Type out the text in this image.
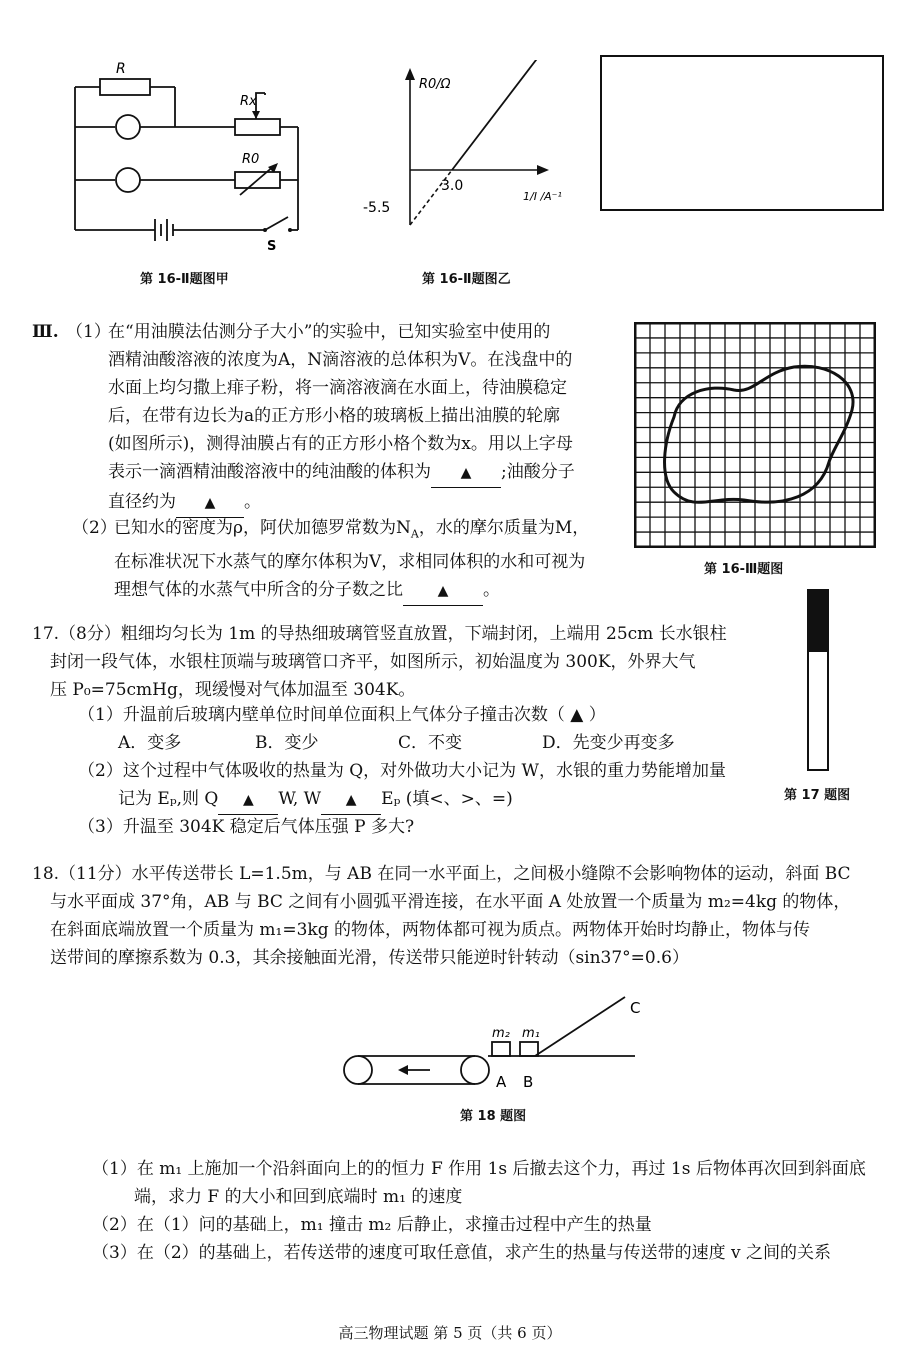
R
Rx
R0
S
第 16-Ⅱ题图甲
R0/Ω
1/I /A⁻¹
-5.5
3.0
第 16-Ⅱ题图乙
Ⅲ. （1）
在“用油膜法估测分子大小”的实验中，已知实验室中使用的
酒精油酸溶液的浓度为A，N滴溶液的总体积为V。在浅盘中的
水面上均匀撒上痱子粉，将一滴溶液滴在水面上，待油膜稳定
后，在带有边长为a的正方形小格的玻璃板上描出油膜的轮廓
(如图所示)，测得油膜占有的正方形小格个数为x。用以上字母
表示一滴酒精油酸溶液中的纯油酸的体积为 ▲ ;油酸分子
直径约为 ▲ 。
（2）
已知水的密度为ρ，阿伏加德罗常数为$N_A$，水的摩尔质量为M，
在标准状况下水蒸气的摩尔体积为V，求相同体积的水和可视为
理想气体的水蒸气中所含的分子数之比 ▲ 。
第 16-Ⅲ题图
17.（8分）粗细均匀长为 1m 的导热细玻璃管竖直放置，下端封闭，上端用 25cm 长水银柱
封闭一段气体，水银柱顶端与玻璃管口齐平，如图所示，初始温度为 300K，外界大气
压 P₀=75cmHg，现缓慢对气体加温至 304K。
（1）升温前后玻璃内壁单位时间单位面积上气体分子撞击次数（ ▲ ）
A．变多	B．变少	C．不变	D．先变少再变多
（2）这个过程中气体吸收的热量为 Q，对外做功大小记为 W，水银的重力势能增加量
记为 Eₚ,则 Q ▲ W, W ▲ Eₚ (填<、>、=)
（3）升温至 304K 稳定后气体压强 P 多大?
第 17 题图
18.（11分）水平传送带长 L=1.5m，与 AB 在同一水平面上，之间极小缝隙不会影响物体的运动，斜面 BC
与水平面成 37°角，AB 与 BC 之间有小圆弧平滑连接，在水平面 A 处放置一个质量为 m₂=4kg 的物体，
在斜面底端放置一个质量为 m₁=3kg 的物体，两物体都可视为质点。两物体开始时均静止，物体与传
送带间的摩擦系数为 0.3，其余接触面光滑，传送带只能逆时针转动（sin37°=0.6）
m₂ m₁
A B
C
第 18 题图
（1）在 m₁ 上施加一个沿斜面向上的的恒力 F 作用 1s 后撤去这个力，再过 1s 后物体再次回到斜面底
端，求力 F 的大小和回到底端时 m₁ 的速度
（2）在（1）问的基础上，m₁ 撞击 m₂ 后静止，求撞击过程中产生的热量
（3）在（2）的基础上，若传送带的速度可取任意值，求产生的热量与传送带的速度 v 之间的关系
高三物理试题 第 5 页（共 6 页）
